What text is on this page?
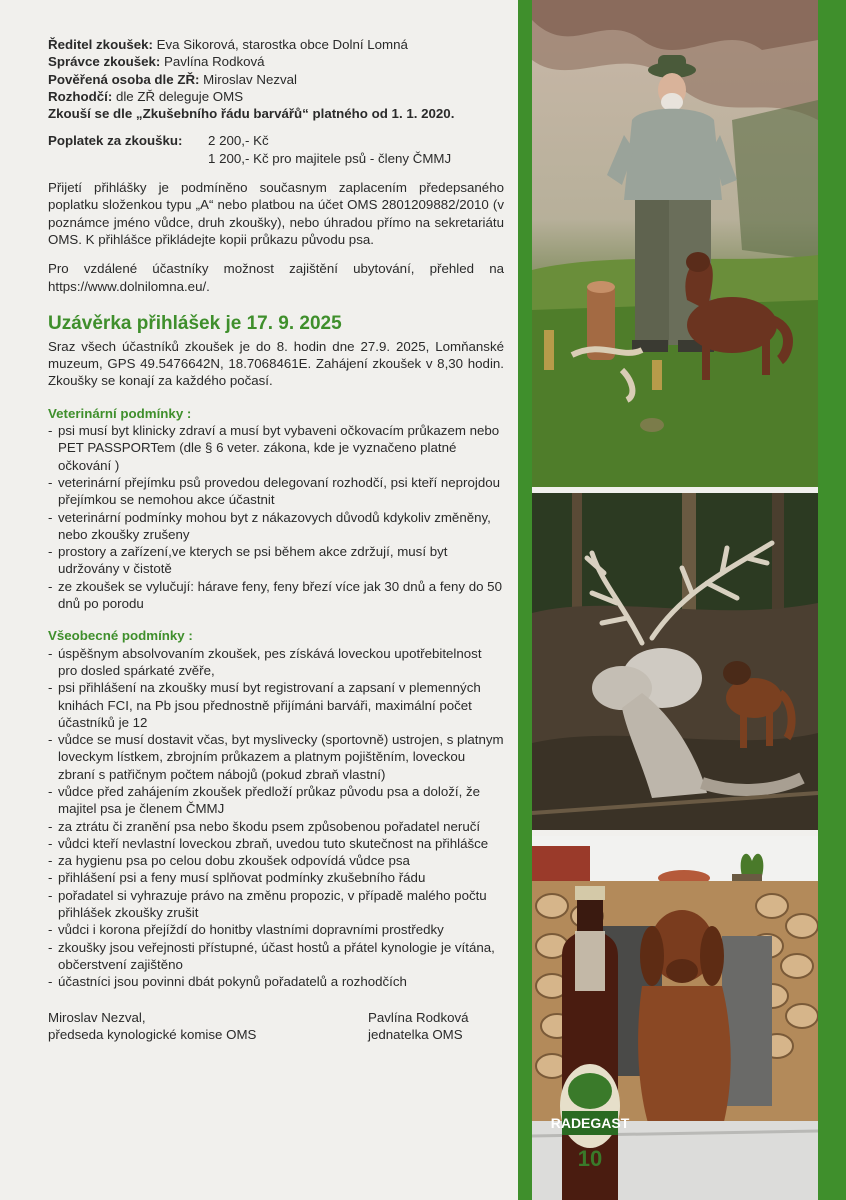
RADEGAST
10

Ředitel zkoušek: Eva Sikorová, starostka obce Dolní Lomná

Správce zkoušek: Pavlína Rodková

Pověřená osoba dle ZŘ: Miroslav Nezval

Rozhodčí: dle ZŘ deleguje OMS

Zkouší se dle „Zkušebního řádu barvářů“ platného od 1. 1. 2020.

Poplatek za zkoušku:	2 200,- Kč
1 200,- Kč pro majitele psů - členy ČMMJ

Přijetí přihlášky je podmíněno současnym zaplacením předepsaného poplatku složenkou typu „A“ nebo platbou na účet OMS 2801209882/2010 (v poznámce jméno vůdce, druh zkoušky), nebo úhradou přímo na sekretariátu OMS. K přihlášce přikládejte kopii průkazu původu psa.

Pro vzdálené účastníky možnost zajištění ubytování, přehled na https://www.dolnilomna.eu/.

Uzávěrka přihlášek je 17. 9. 2025

Sraz všech účastníků zkoušek je do 8. hodin dne 27.9. 2025, Lomňanské muzeum, GPS 49.5476642N, 18.7068461E. Zahájení zkoušek v 8,30 hodin. Zkoušky se konají za každého počasí.

Veterinární podmínky :

- psi musí byt klinicky zdraví a musí byt vybaveni očkovacím průkazem nebo PET PASSPORTem (dle § 6 veter. zákona, kde je vyznačeno platné očkování )
- veterinární přejímku psů provedou delegovaní rozhodčí, psi kteří neprojdou přejímkou se nemohou akce účastnit
- veterinární podmínky mohou byt z nákazovych důvodů kdykoliv změněny, nebo zkoušky zrušeny
- prostory a zařízení,ve kterych se psi během akce zdržují, musí byt udržovány v čistotě
- ze zkoušek se vylučují: hárave feny, feny březí více jak 30 dnů a feny do 50 dnů po porodu

Všeobecné podmínky :

- úspěšnym absolvovaním zkoušek, pes získává loveckou upotřebitelnost pro dosled spárkaté zvěře,
- psi přihlášení na zkoušky musí byt registrovaní a zapsaní v plemenných knihách FCI, na Pb jsou přednostně přijímáni barváři, maximální počet účastníků je 12
- vůdce se musí dostavit včas, byt myslivecky (sportovně) ustrojen, s platnym loveckym lístkem, zbrojním průkazem a platnym pojištěním, loveckou zbraní s patřičnym počtem nábojů (pokud zbraň vlastní)
- vůdce před zahájením zkoušek předloží průkaz původu psa a doloží, že majitel psa je členem ČMMJ
- za ztrátu či zranění psa nebo škodu psem způsobenou pořadatel neručí
- vůdci kteří nevlastní loveckou zbraň, uvedou tuto skutečnost na přihlášce
- za hygienu psa po celou dobu zkoušek odpovídá vůdce psa
- přihlášení psi a feny musí splňovat podmínky zkušebního řádu
- pořadatel si vyhrazuje právo na změnu propozic, v případě malého počtu přihlášek zkoušky zrušit
- vůdci i korona přejíždí do honitby vlastními dopravními prostředky
- zkoušky jsou veřejnosti přístupné, účast hostů a přátel kynologie je vítána, občerstvení zajištěno
- účastníci jsou povinni dbát pokynů pořadatelů a rozhodčích
Miroslav Nezval,
předseda kynologické komise OMS
Pavlína Rodková
jednatelka OMS
